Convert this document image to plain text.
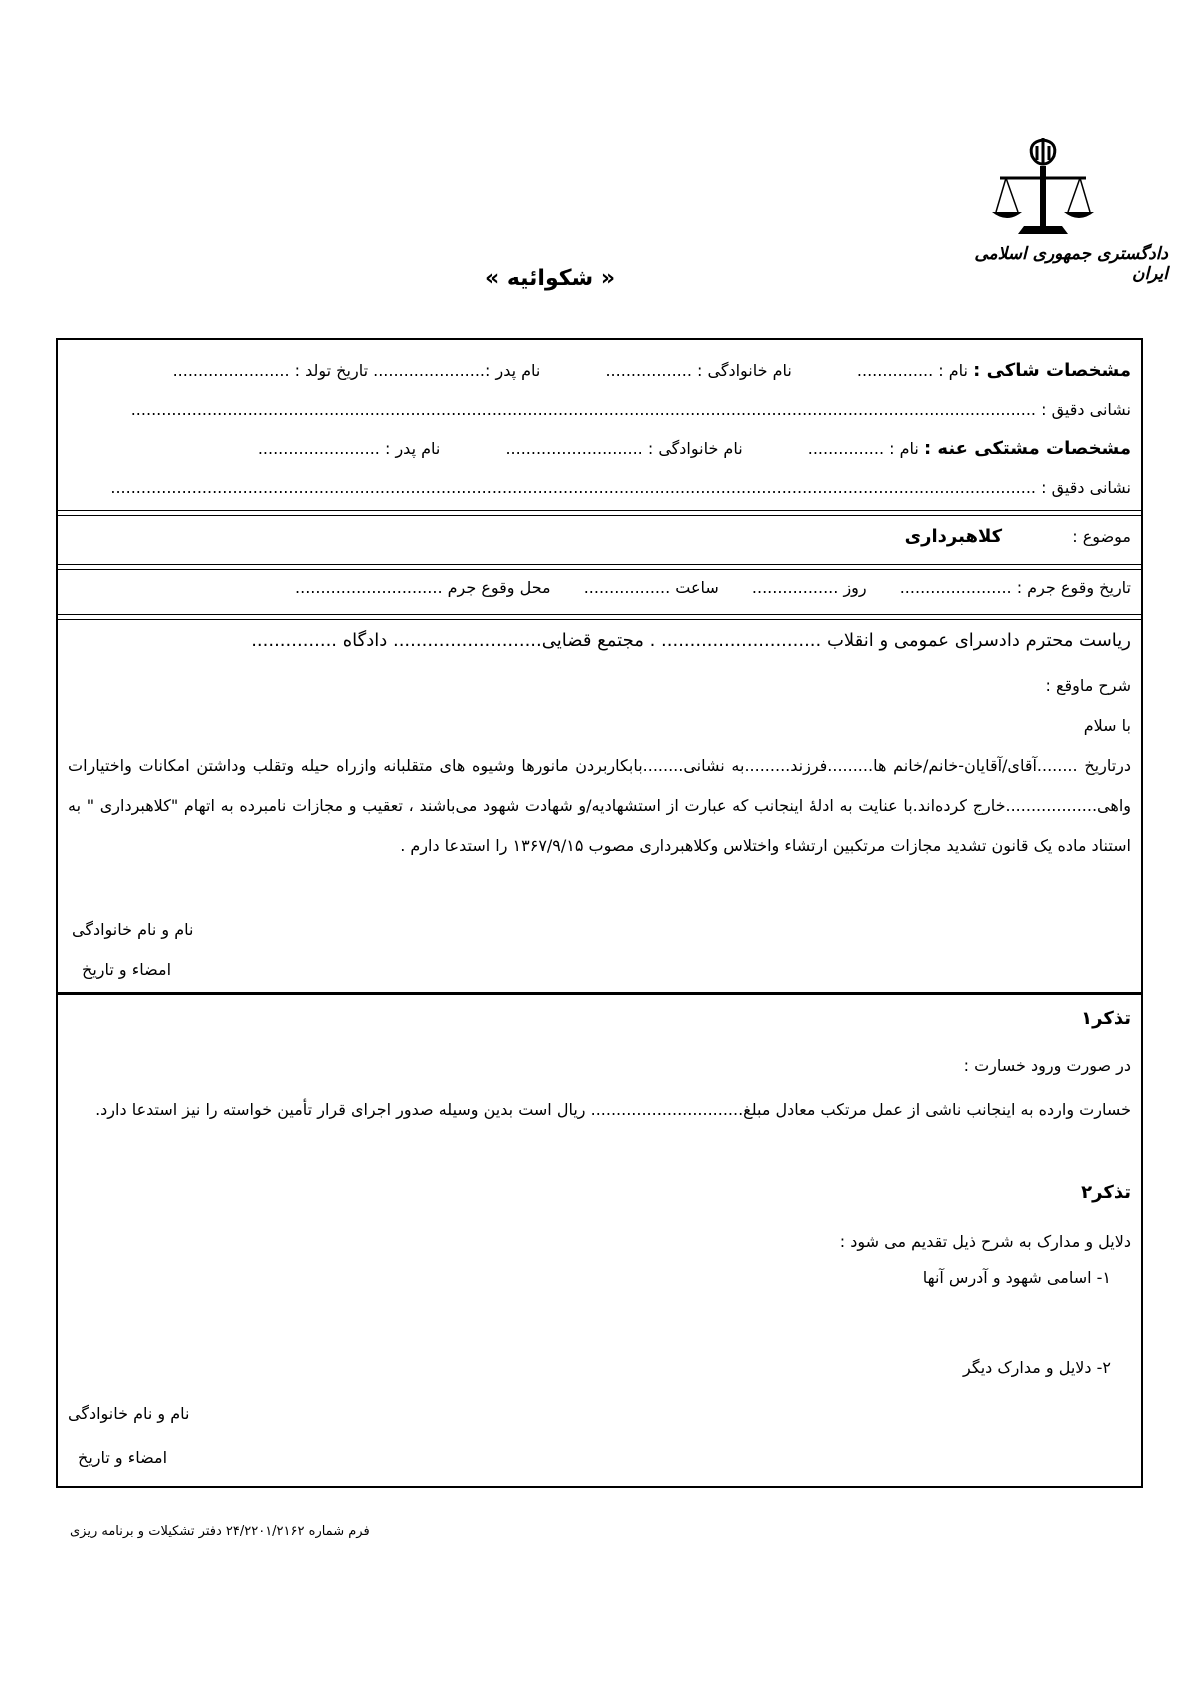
دادگستری جمهوری اسلامی ایران
« شکوائیه »
مشخصات شاکی : نام : ............... نام خانوادگی : ................. نام پدر :...................... تاریخ تولد : .......................
نشانی دقیق : ..................................................................................................................................................................................
مشخصات مشتکی عنه : نام : ............... نام خانوادگی : ........................... نام پدر : ........................
نشانی دقیق : ......................................................................................................................................................................................
موضوع :  کلاهبرداری
تاریخ وقوع جرم : ...................... روز ................. ساعت ................. محل وقوع جرم .............................
ریاست محترم دادسرای عمومی و انقلاب ............................ . مجتمع قضایی.......................... دادگاه ...............
شرح ماوقع :
با سلام
درتاریخ ........آقای/آقایان-خانم/خانم ها.........فرزند.........به نشانی........بابکاربردن مانورها وشیوه های متقلبانه وازراه حیله وتقلب وداشتن امکانات واختیارات واهی..................خارج کرده‌اند.با عنایت به ادلهٔ اینجانب که عبارت از استشهادیه/و شهادت شهود می‌باشند ، تعقیب و مجازات نامبرده به اتهام "کلاهبرداری " به استناد ماده یک قانون تشدید مجازات مرتکبین ارتشاء واختلاس وکلاهبرداری مصوب ۱۳۶۷/۹/۱۵ را استدعا دارم .
نام و نام خانوادگی
امضاء و تاریخ
تذکر۱
در صورت ورود خسارت :
خسارت وارده به اینجانب ناشی از عمل مرتکب معادل مبلغ.............................. ریال است بدین وسیله صدور اجرای قرار تأمین خواسته را نیز استدعا دارد.
تذکر۲
دلایل و مدارک به شرح ذیل تقدیم می شود :
۱- اسامی شهود و آدرس آنها
۲- دلایل و مدارک دیگر
نام و نام خانوادگی
امضاء و تاریخ
فرم شماره ۲۴/۲۲۰۱/۲۱۶۲ دفتر تشکیلات و برنامه ریزی
